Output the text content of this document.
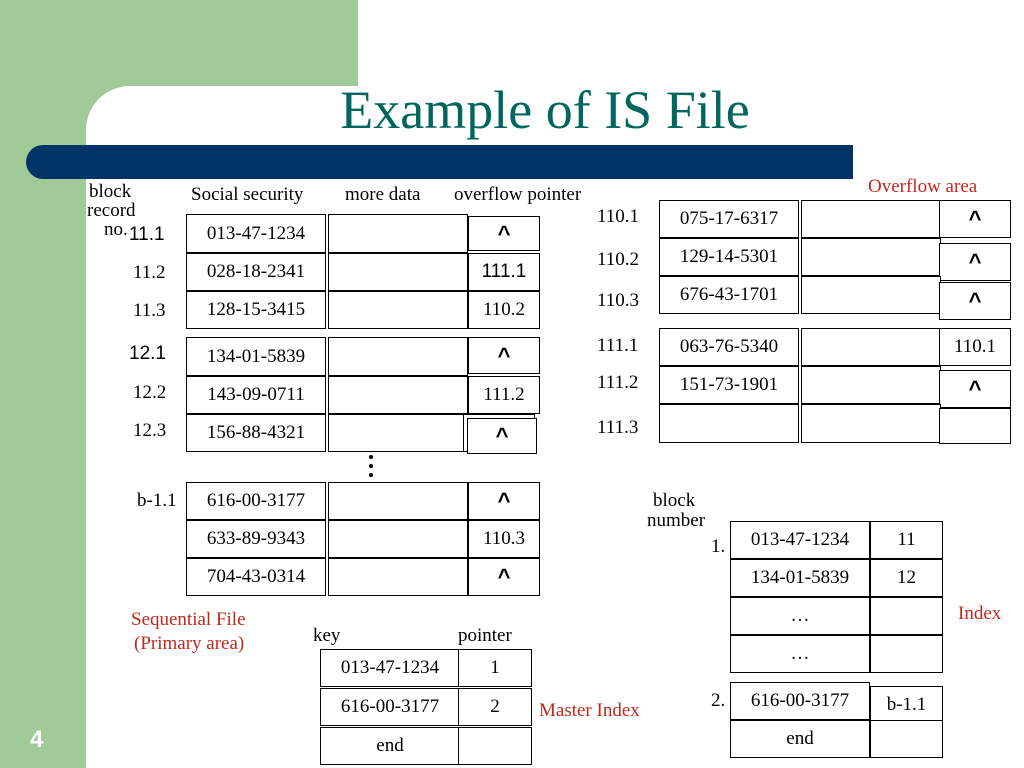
Example of IS File
4
block
record
no.
Social security more data overflow pointer
11.1	013-47-1234	^
11.2	028-18-2341	111.1
11.3	128-15-3415	110.2
12.1	134-01-5839	^
12.2	143-09-0711	111.2
12.3	156-88-4321	^
b-1.1	616-00-3177	^
633-89-9343	110.3
704-43-0314	^
Sequential File
(Primary area)
Overflow area
110.1	075-17-6317	^
110.2	129-14-5301	^
110.3	676-43-1701	^
111.1	063-76-5340	110.1
111.2	151-73-1901	^
111.3
key	pointer
013-47-1234	1
616-00-3177	2
end
Master Index
block
number
Index
1.	013-47-1234	11
134-01-5839	12
…
…
2.	616-00-3177	b-1.1
end
